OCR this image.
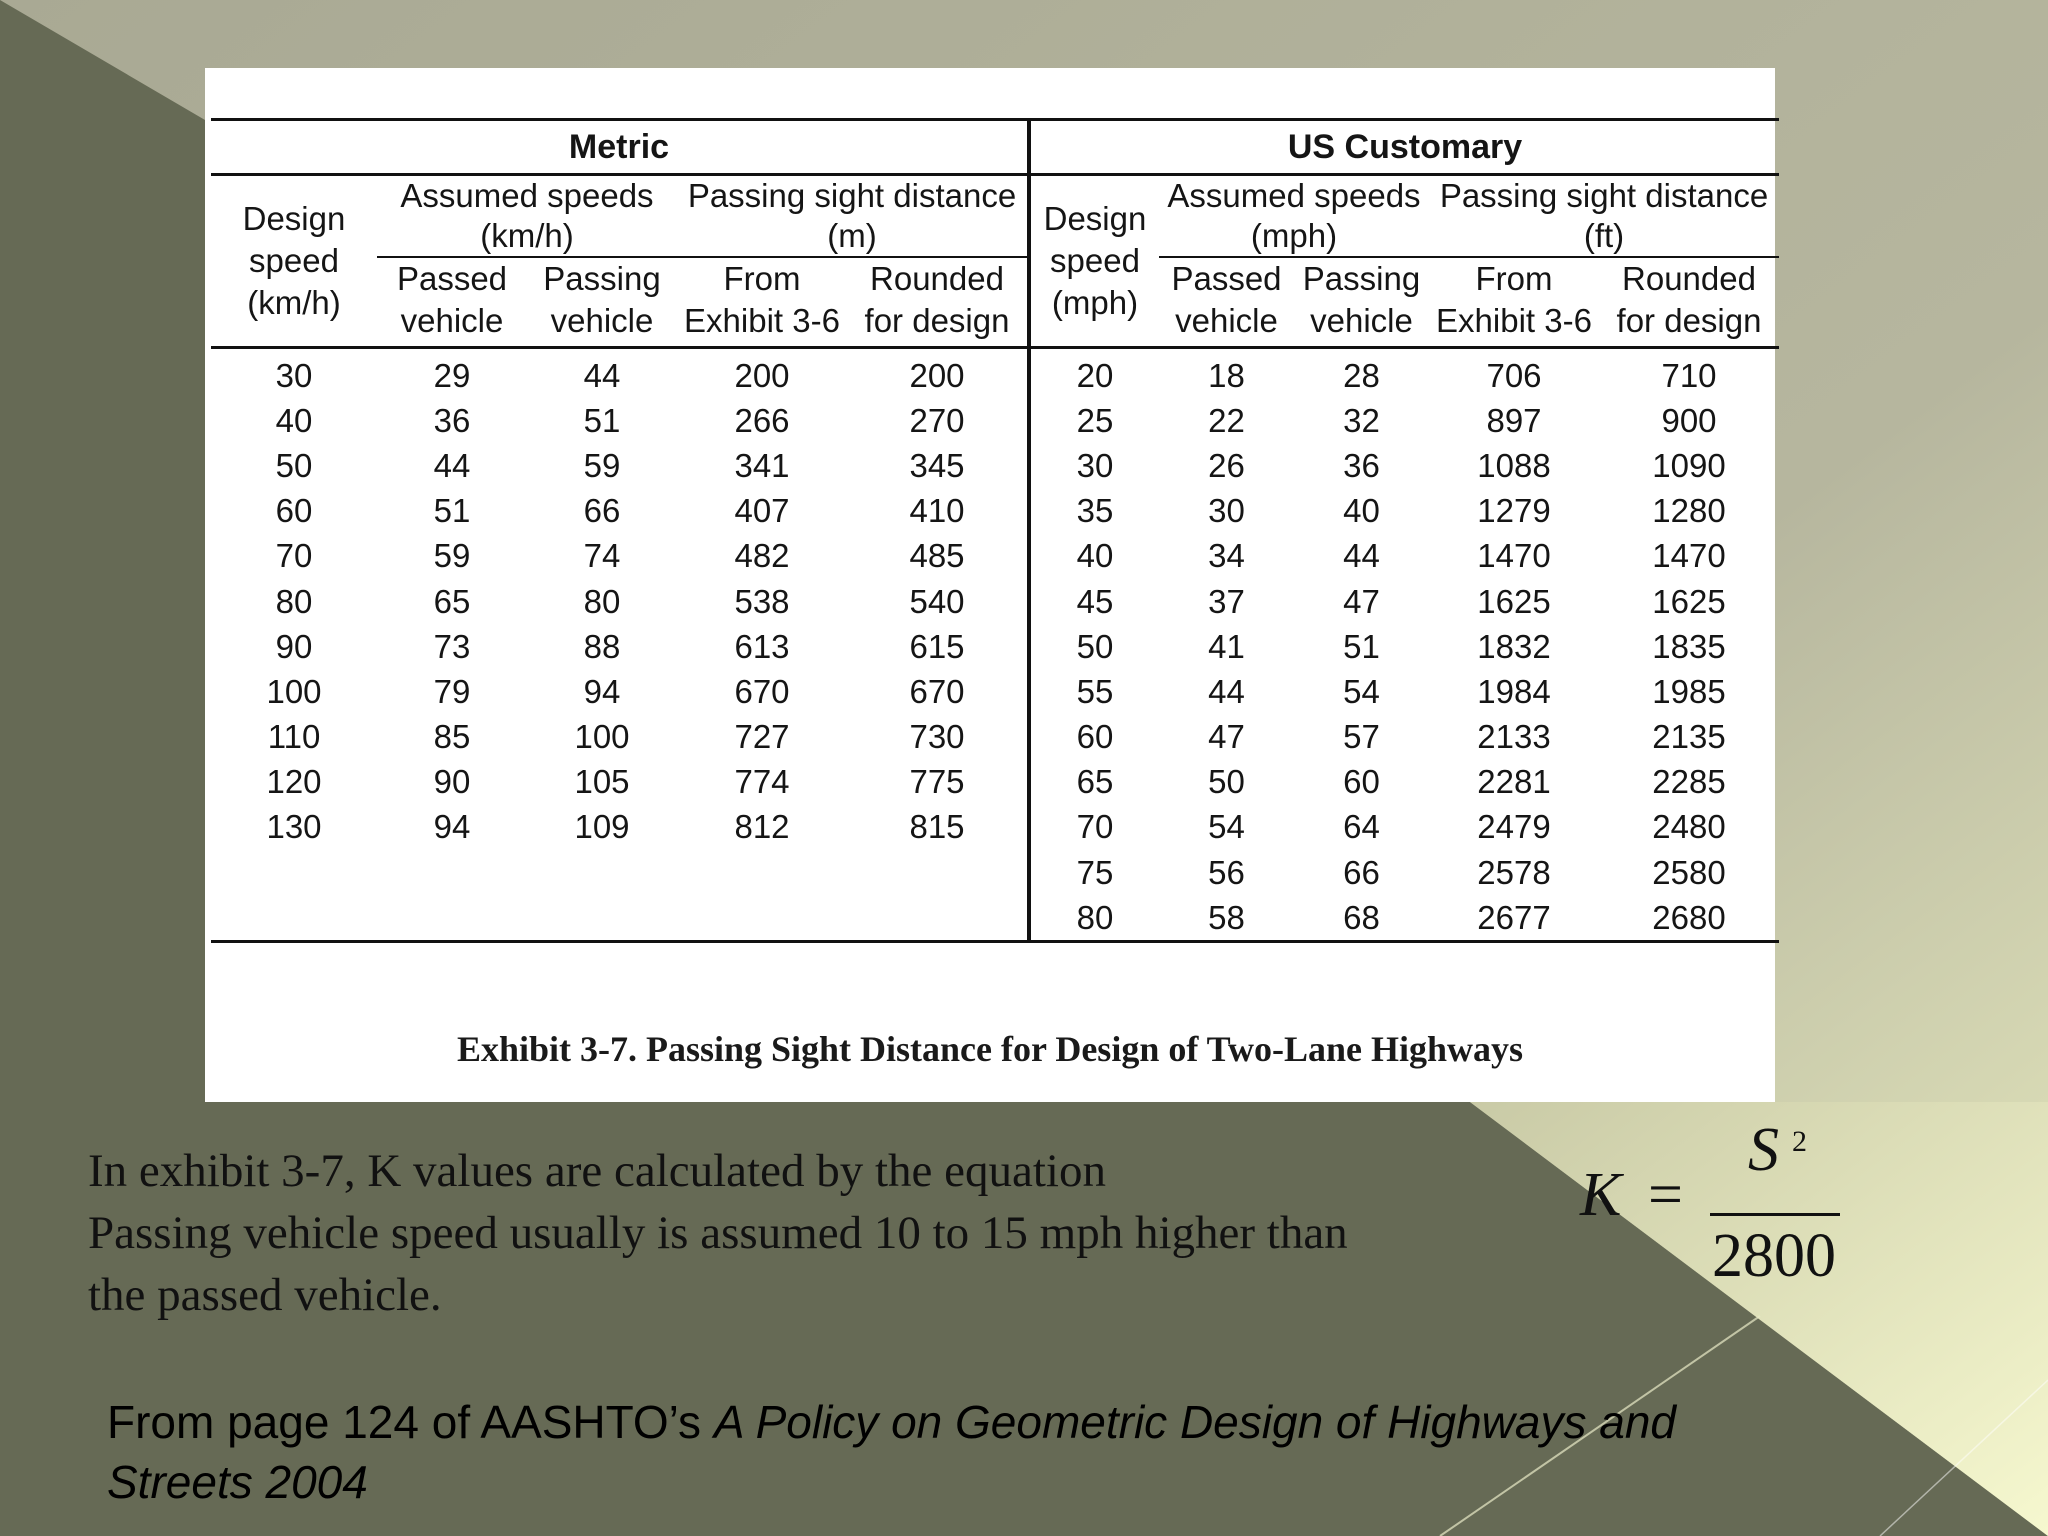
Metric				
Design
speed
(km/h)	Assumed speeds
(km/h)		Passing sight distance (m)	
	Passed vehicle	Passing vehicle	From Exhibit 3-6	Rounded for design
30	29	44	200	200
40	36	51	266	270
50	44	59	341	345
60	51	66	407	410
70	59	74	482	485
80	65	80	538	540
90	73	88	613	615
100	79	94	670	670
110	85	100	727	730
120	90	105	774	775
130	94	109	812	815

US Customary				
Design
speed
(mph)	Assumed speeds
(mph)		Passing sight distance (ft)	
	Passed vehicle	Passing vehicle	From Exhibit 3-6	Rounded for design
20	18	28	706	710
25	22	32	897	900
30	26	36	1088	1090
35	30	40	1279	1280
40	34	44	1470	1470
45	37	47	1625	1625
50	41	51	1832	1835
55	44	54	1984	1985
60	47	57	2133	2135
65	50	60	2281	2285
70	54	64	2479	2480
75	56	66	2578	2580
80	58	68	2677	2680

Exhibit 3-7. Passing Sight Distance for Design of Two-Lane Highways
In exhibit 3-7, K values are calculated by the equation
Passing vehicle speed usually is assumed 10 to 15 mph higher than
the passed vehicle.
K =
S 2
2800
From page 124 of AASHTO’s A Policy on Geometric Design of Highways and
Streets 2004
